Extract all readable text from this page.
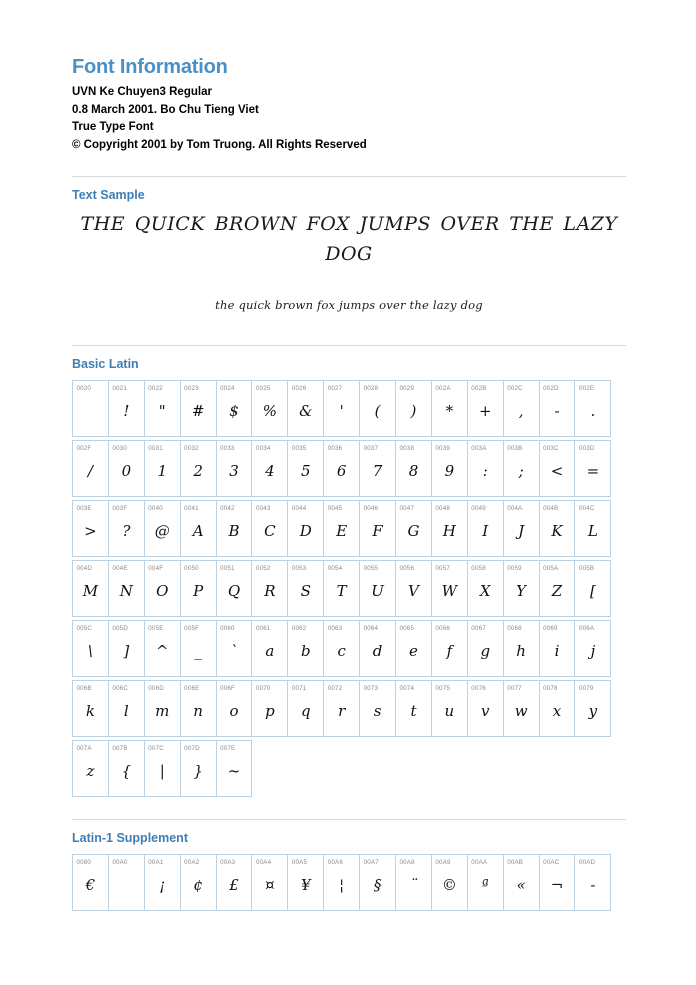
Font Information
UVN Ke Chuyen3 Regular
0.8 March 2001. Bo Chu Tieng Viet
True Type Font
© Copyright 2001 by Tom Truong. All Rights Reserved
Text Sample
THE QUICK BROWN FOX JUMPS OVER THE LAZY DOG
the quick brown fox jumps over the lazy dog
Basic Latin
0020	0021
!
0022
"
0023
#
0024
$
0025
%
0026
&
0027
'
0028
(
0029
)
002A
*
002B
+
002C
,
002D
-
002E
.
002F
/
0030
0
0031
1
0032
2
0033
3
0034
4
0035
5
0036
6
0037
7
0038
8
0039
9
003A
:
003B
;
003C
<
003D
=
003E
>
003F
?
0040
@
0041
A
0042
B
0043
C
0044
D
0045
E
0046
F
0047
G
0048
H
0049
I
004A
J
004B
K
004C
L
004D
M
004E
N
004F
O
0050
P
0051
Q
0052
R
0053
S
0054
T
0055
U
0056
V
0057
W
0058
X
0059
Y
005A
Z
005B
[
005C
\
005D
]
005E
^
005F
_
0060
`
0061
a
0062
b
0063
c
0064
d
0065
e
0066
f
0067
g
0068
h
0069
i
006A
j
006B
k
006C
l
006D
m
006E
n
006F
o
0070
p
0071
q
0072
r
0073
s
0074
t
0075
u
0076
v
0077
w
0078
x
0079
y
007A
z
007B
{
007C
|
007D
}
007E
~
Latin-1 Supplement
0080
€
00A0	00A1
¡
00A2
¢
00A3
£
00A4
¤
00A5
¥
00A6
¦
00A7
§
00A8
¨
00A9
©
00AA
ª
00AB
«
00AC
¬
00AD
-
